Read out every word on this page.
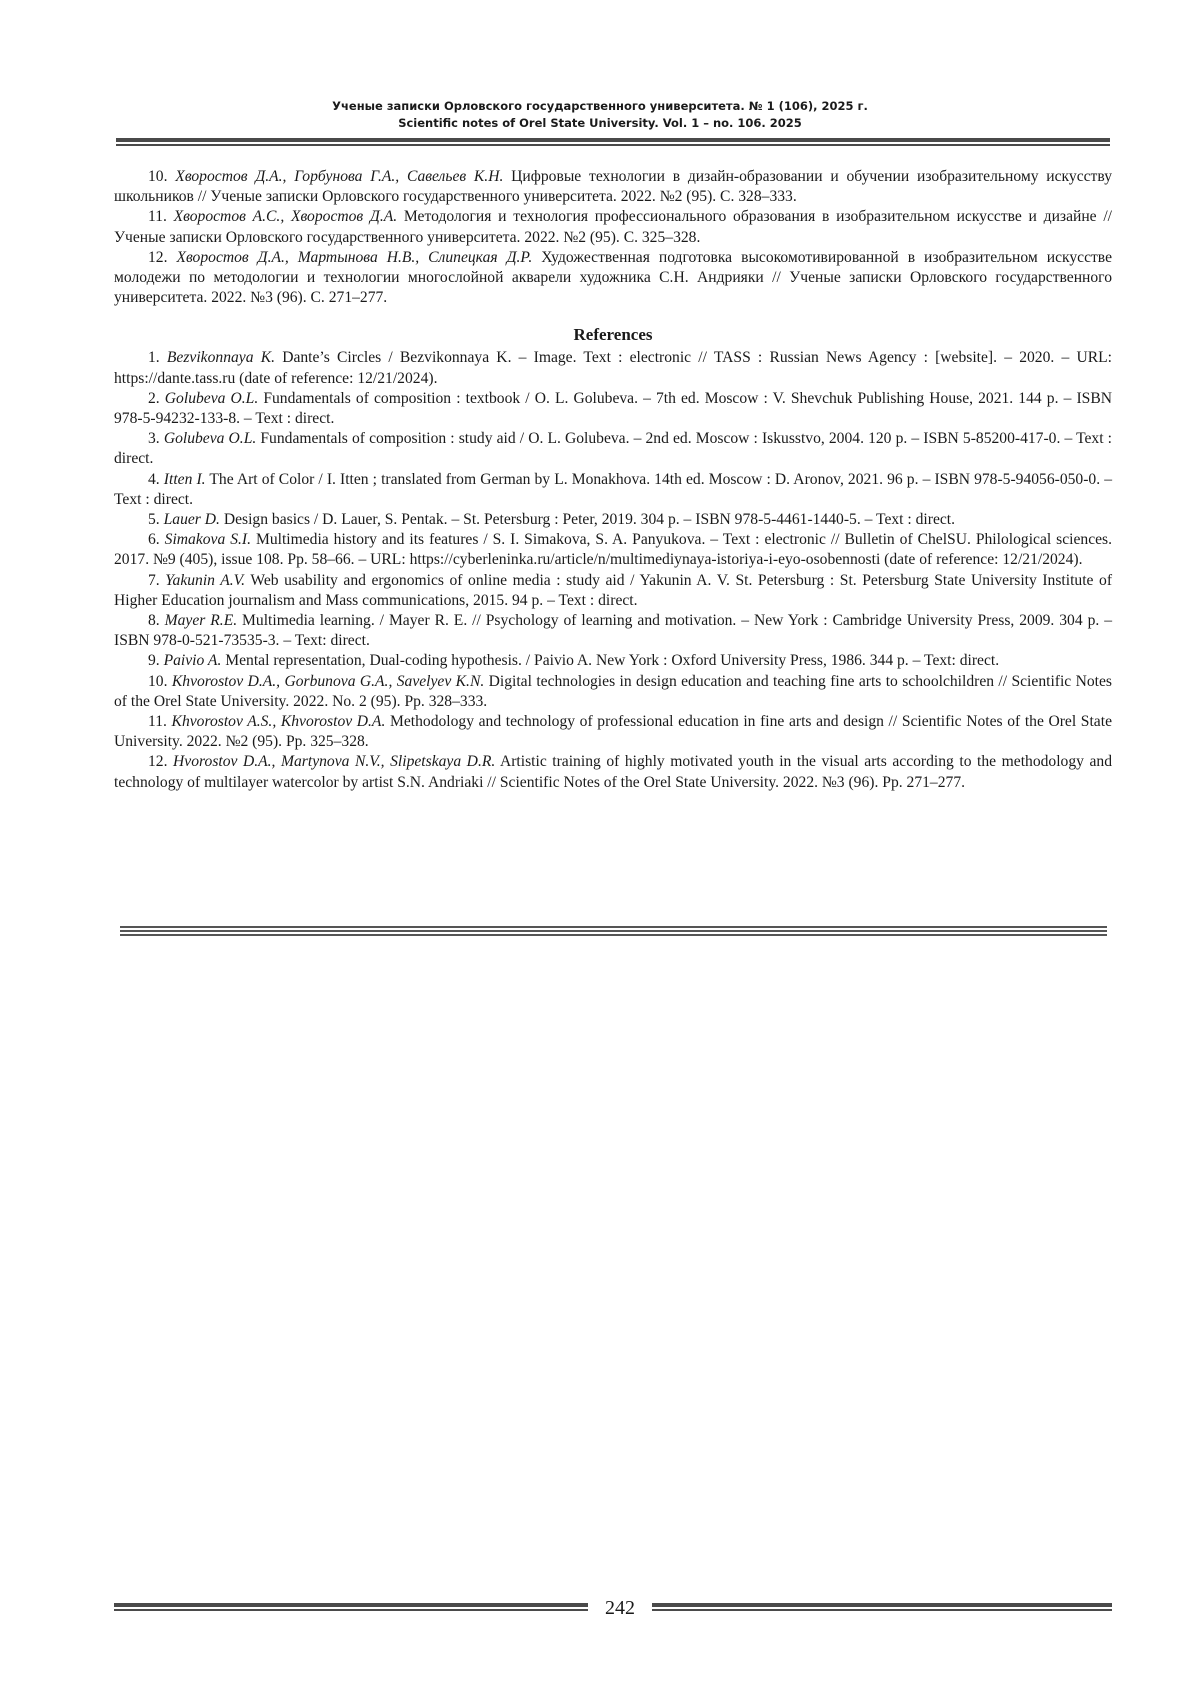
Ученые записки Орловского государственного университета. № 1 (106), 2025 г.
Scientific notes of Orel State University. Vol. 1 – no. 106. 2025

10. Хворостов Д.А., Горбунова Г.А., Савельев К.Н. Цифровые технологии в дизайн-образовании и обучении изобразительному искусству школьников // Ученые записки Орловского государственного университета. 2022. №2 (95). С. 328–333.

11. Хворостов А.С., Хворостов Д.А. Методология и технология профессионального образования в изобразительном искусстве и дизайне // Ученые записки Орловского государственного университета. 2022. №2 (95). С. 325–328.

12. Хворостов Д.А., Мартынова Н.В., Слипецкая Д.Р. Художественная подготовка высокомотивированной в изобразительном искусстве молодежи по методологии и технологии многослойной акварели художника С.Н. Андрияки // Ученые записки Орловского государственного университета. 2022. №3 (96). С. 271–277.

References

1. Bezvikonnaya K. Dante’s Circles / Bezvikonnaya K. – Image. Text : electronic // TASS : Russian News Agency : [website]. – 2020. – URL: https://dante.tass.ru (date of reference: 12/21/2024).

2. Golubeva O.L. Fundamentals of composition : textbook / O. L. Golubeva. – 7th ed. Moscow : V. Shevchuk Publishing House, 2021. 144 p. – ISBN 978-5-94232-133-8. – Text : direct.

3. Golubeva O.L. Fundamentals of composition : study aid / O. L. Golubeva. – 2nd ed. Moscow : Iskusstvo, 2004. 120 p. – ISBN 5-85200-417-0. – Text : direct.

4. Itten I. The Art of Color / I. Itten ; translated from German by L. Monakhova. 14th ed. Moscow : D. Aronov, 2021. 96 p. – ISBN 978-5-94056-050-0. – Text : direct.

5. Lauer D. Design basics / D. Lauer, S. Pentak. – St. Petersburg : Peter, 2019. 304 p. – ISBN 978-5-4461-1440-5. – Text : direct.

6. Simakova S.I. Multimedia history and its features / S. I. Simakova, S. A. Panyukova. – Text : electronic // Bulletin of ChelSU. Philological sciences. 2017. №9 (405), issue 108. Pp. 58–66. – URL: https://cyberleninka.ru/article/n/multimediynaya-istoriya-i-eyo-osobennosti (date of reference: 12/21/2024).

7. Yakunin A.V. Web usability and ergonomics of online media : study aid / Yakunin A. V. St. Petersburg : St. Petersburg State University Institute of Higher Education journalism and Mass communications, 2015. 94 p. – Text : direct.

8. Mayer R.E. Multimedia learning. / Mayer R. E. // Psychology of learning and motivation. – New York : Cambridge University Press, 2009. 304 p. – ISBN 978-0-521-73535-3. – Text: direct.

9. Paivio A. Mental representation, Dual-coding hypothesis. / Paivio A. New York : Oxford University Press, 1986. 344 p. – Text: direct.

10. Khvorostov D.A., Gorbunova G.A., Savelyev K.N. Digital technologies in design education and teaching fine arts to schoolchildren // Scientific Notes of the Orel State University. 2022. No. 2 (95). Pp. 328–333.

11. Khvorostov A.S., Khvorostov D.A. Methodology and technology of professional education in fine arts and design // Scientific Notes of the Orel State University. 2022. №2 (95). Pp. 325–328.

12. Hvorostov D.A., Martynova N.V., Slipetskaya D.R. Artistic training of highly motivated youth in the visual arts according to the methodology and technology of multilayer watercolor by artist S.N. Andriaki // Scientific Notes of the Orel State University. 2022. №3 (96). Pp. 271–277.

242
